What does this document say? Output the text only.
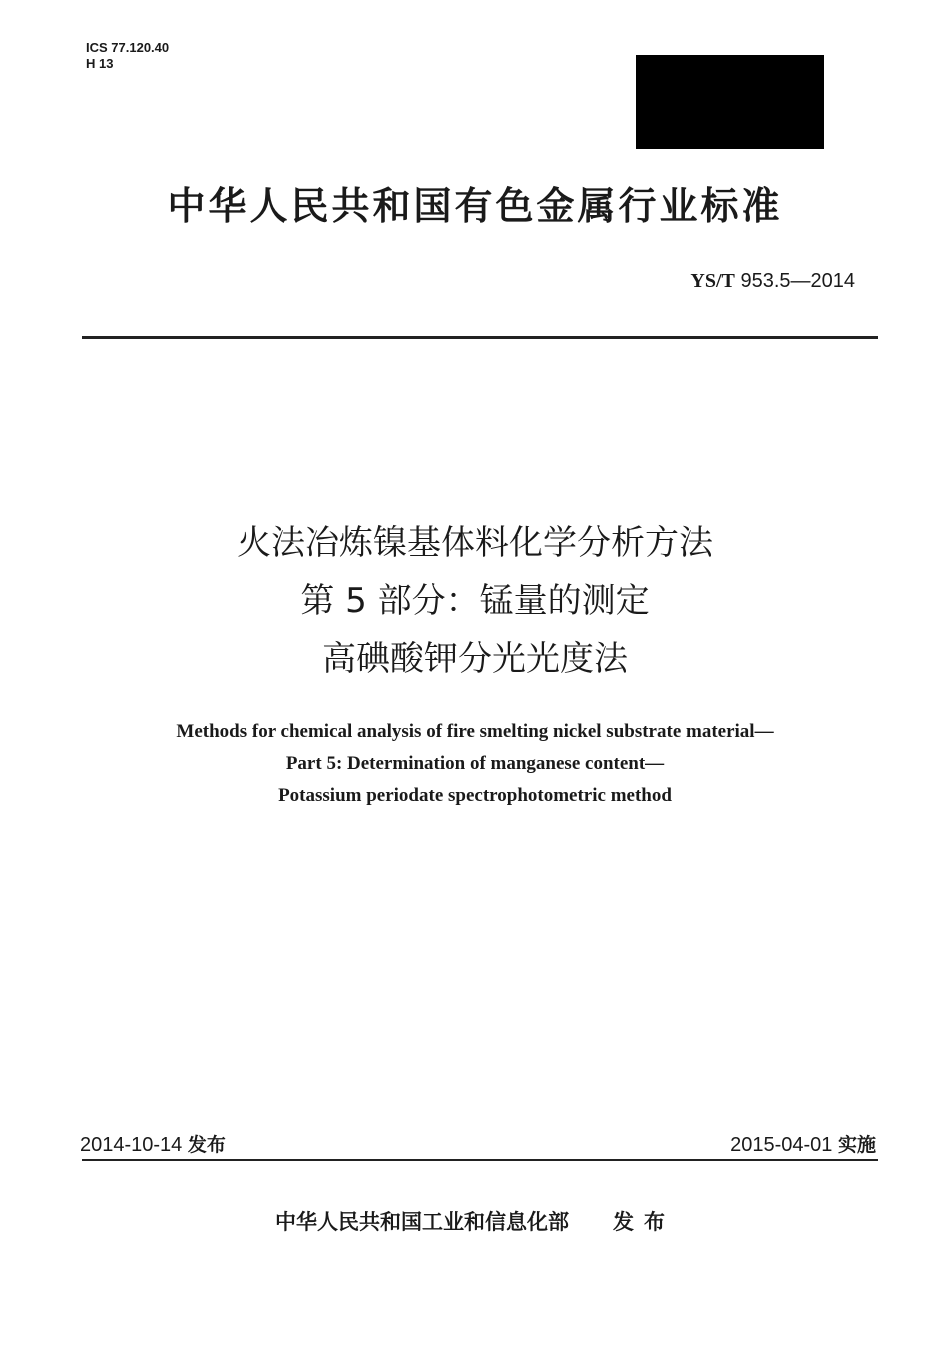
ICS 77.120.40
H 13
中华人民共和国有色金属行业标准
YS/T 953.5—2014
火法冶炼镍基体料化学分析方法
第 5 部分：锰量的测定
高碘酸钾分光光度法
Methods for chemical analysis of fire smelting nickel substrate material—
Part 5: Determination of manganese content—
Potassium periodate spectrophotometric method
2014-10-14 发布	2015-04-01 实施
中华人民共和国工业和信息化部 发布
